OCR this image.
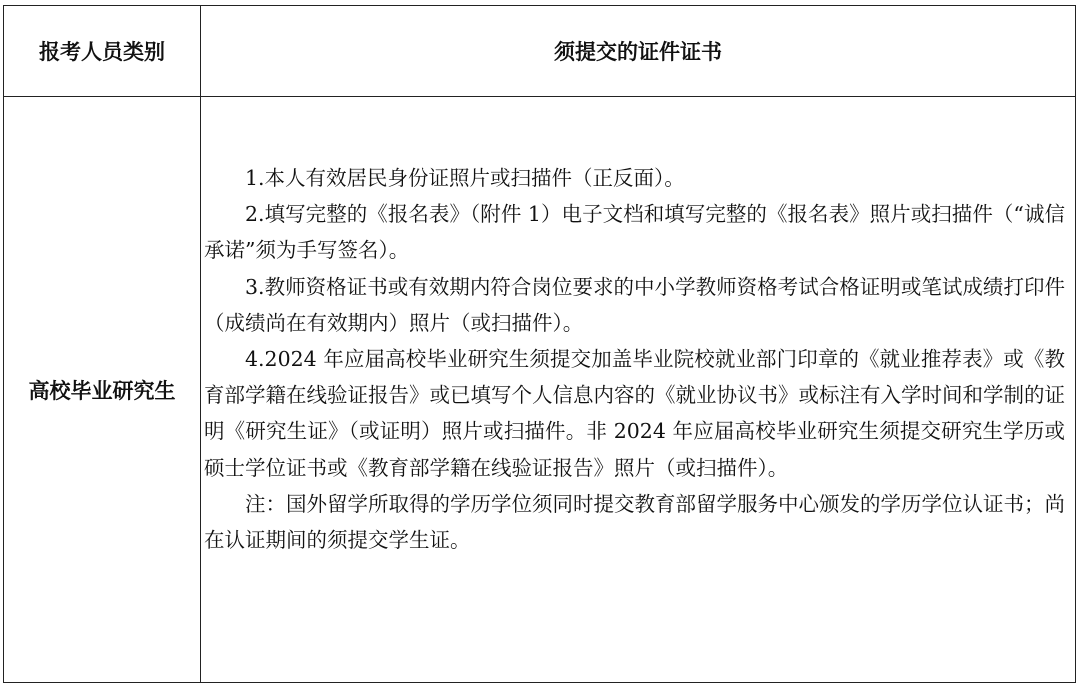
报考人员类别	须提交的证件证书
高校毕业研究生	1.本人有效居民身份证照片或扫描件（正反面）。

2.填写完整的《报名表》（附件 1）电子文档和填写完整的《报名表》照片或扫描件（“诚信承诺”须为手写签名）。

3.教师资格证书或有效期内符合岗位要求的中小学教师资格考试合格证明或笔试成绩打印件（成绩尚在有效期内）照片（或扫描件）。

4.2024 年应届高校毕业研究生须提交加盖毕业院校就业部门印章的《就业推荐表》或《教育部学籍在线验证报告》或已填写个人信息内容的《就业协议书》或标注有入学时间和学制的证明《研究生证》（或证明）照片或扫描件。非 2024 年应届高校毕业研究生须提交研究生学历或硕士学位证书或《教育部学籍在线验证报告》照片（或扫描件）。

注：国外留学所取得的学历学位须同时提交教育部留学服务中心颁发的学历学位认证书；尚在认证期间的须提交学生证。
